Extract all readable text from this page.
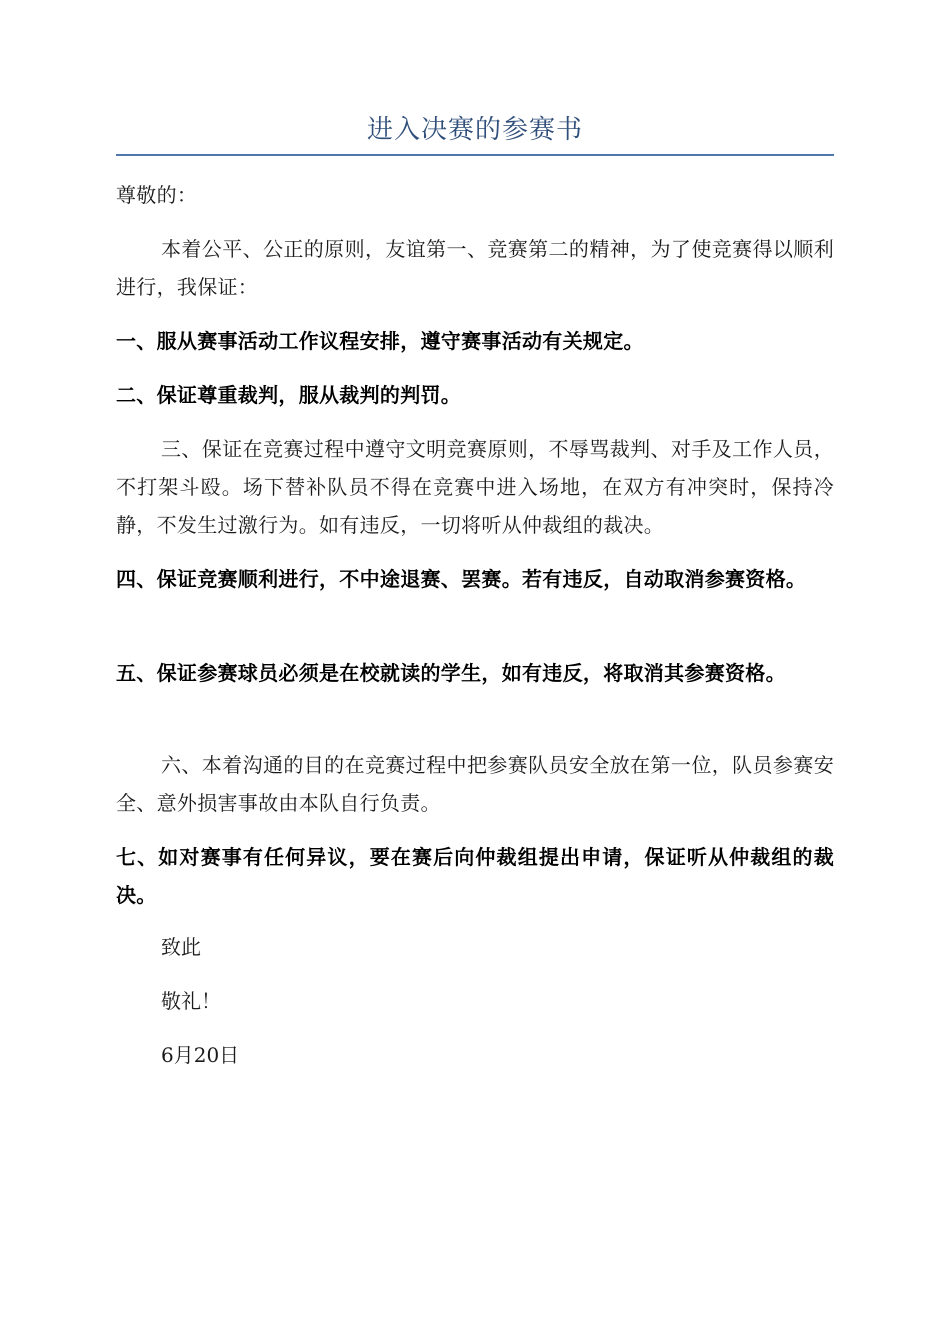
进入决赛的参赛书

尊敬的：

本着公平、公正的原则，友谊第一、竞赛第二的精神，为了使竞赛得以顺利进行，我保证：

一、服从赛事活动工作议程安排，遵守赛事活动有关规定。

二、保证尊重裁判，服从裁判的判罚。

三、保证在竞赛过程中遵守文明竞赛原则，不辱骂裁判、对手及工作人员，不打架斗殴。场下替补队员不得在竞赛中进入场地，在双方有冲突时，保持冷静，不发生过激行为。如有违反，一切将听从仲裁组的裁决。

四、保证竞赛顺利进行，不中途退赛、罢赛。若有违反，自动取消参赛资格。

五、保证参赛球员必须是在校就读的学生，如有违反，将取消其参赛资格。

六、本着沟通的目的在竞赛过程中把参赛队员安全放在第一位，队员参赛安全、意外损害事故由本队自行负责。

七、如对赛事有任何异议，要在赛后向仲裁组提出申请，保证听从仲裁组的裁决。

致此

敬礼！

6月20日
